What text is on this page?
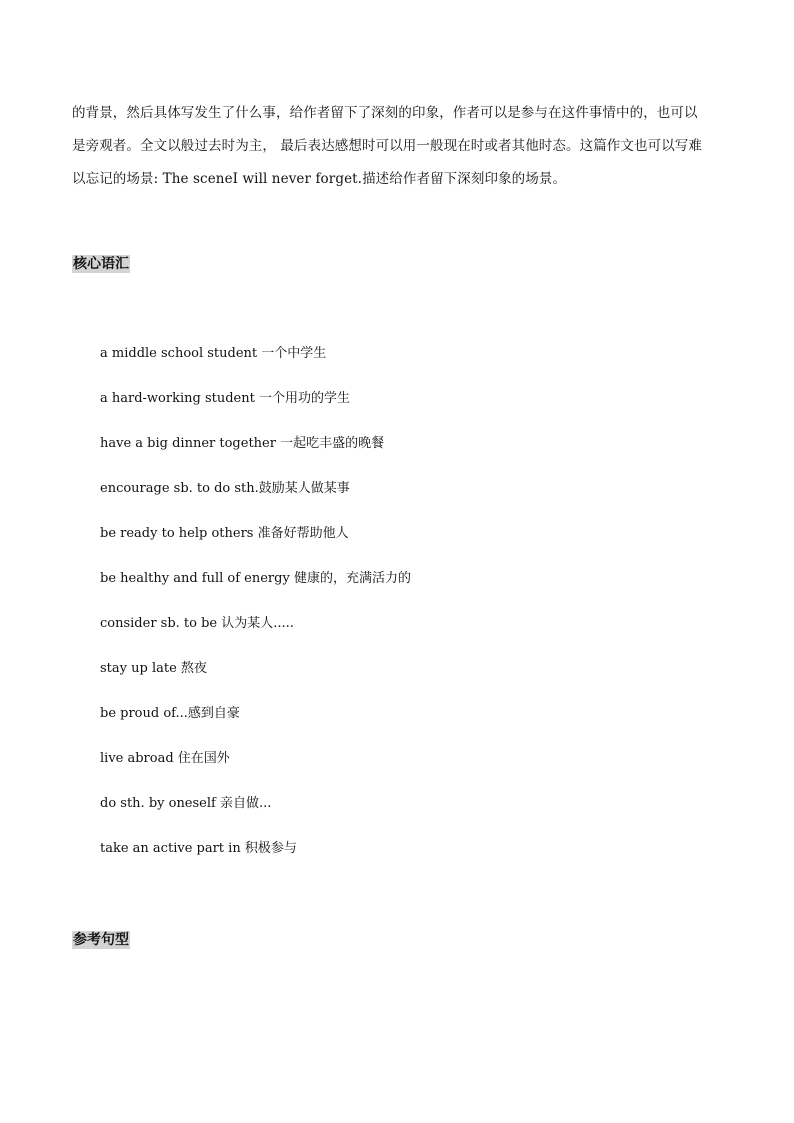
的背景，然后具体写发生了什么事，给作者留下了深刻的印象，作者可以是参与在这件事情中的，也可以
是旁观者。全文以般过去时为主， 最后表达感想时可以用一般现在时或者其他时态。这篇作文也可以写难
以忘记的场景: The sceneI will never forget.描述给作者留下深刻印象的场景。
核心语汇
a middle school student 一个中学生
a hard-working student 一个用功的学生
have a big dinner together 一起吃丰盛的晚餐
encourage sb. to do sth.鼓励某人做某事
be ready to help others 准备好帮助他人
be healthy and full of energy 健康的，充满活力的
consider sb. to be 认为某人.....
stay up late 熬夜
be proud of...感到自豪
live abroad 住在国外
do sth. by oneself 亲自做...
take an active part in 积极参与
参考句型
